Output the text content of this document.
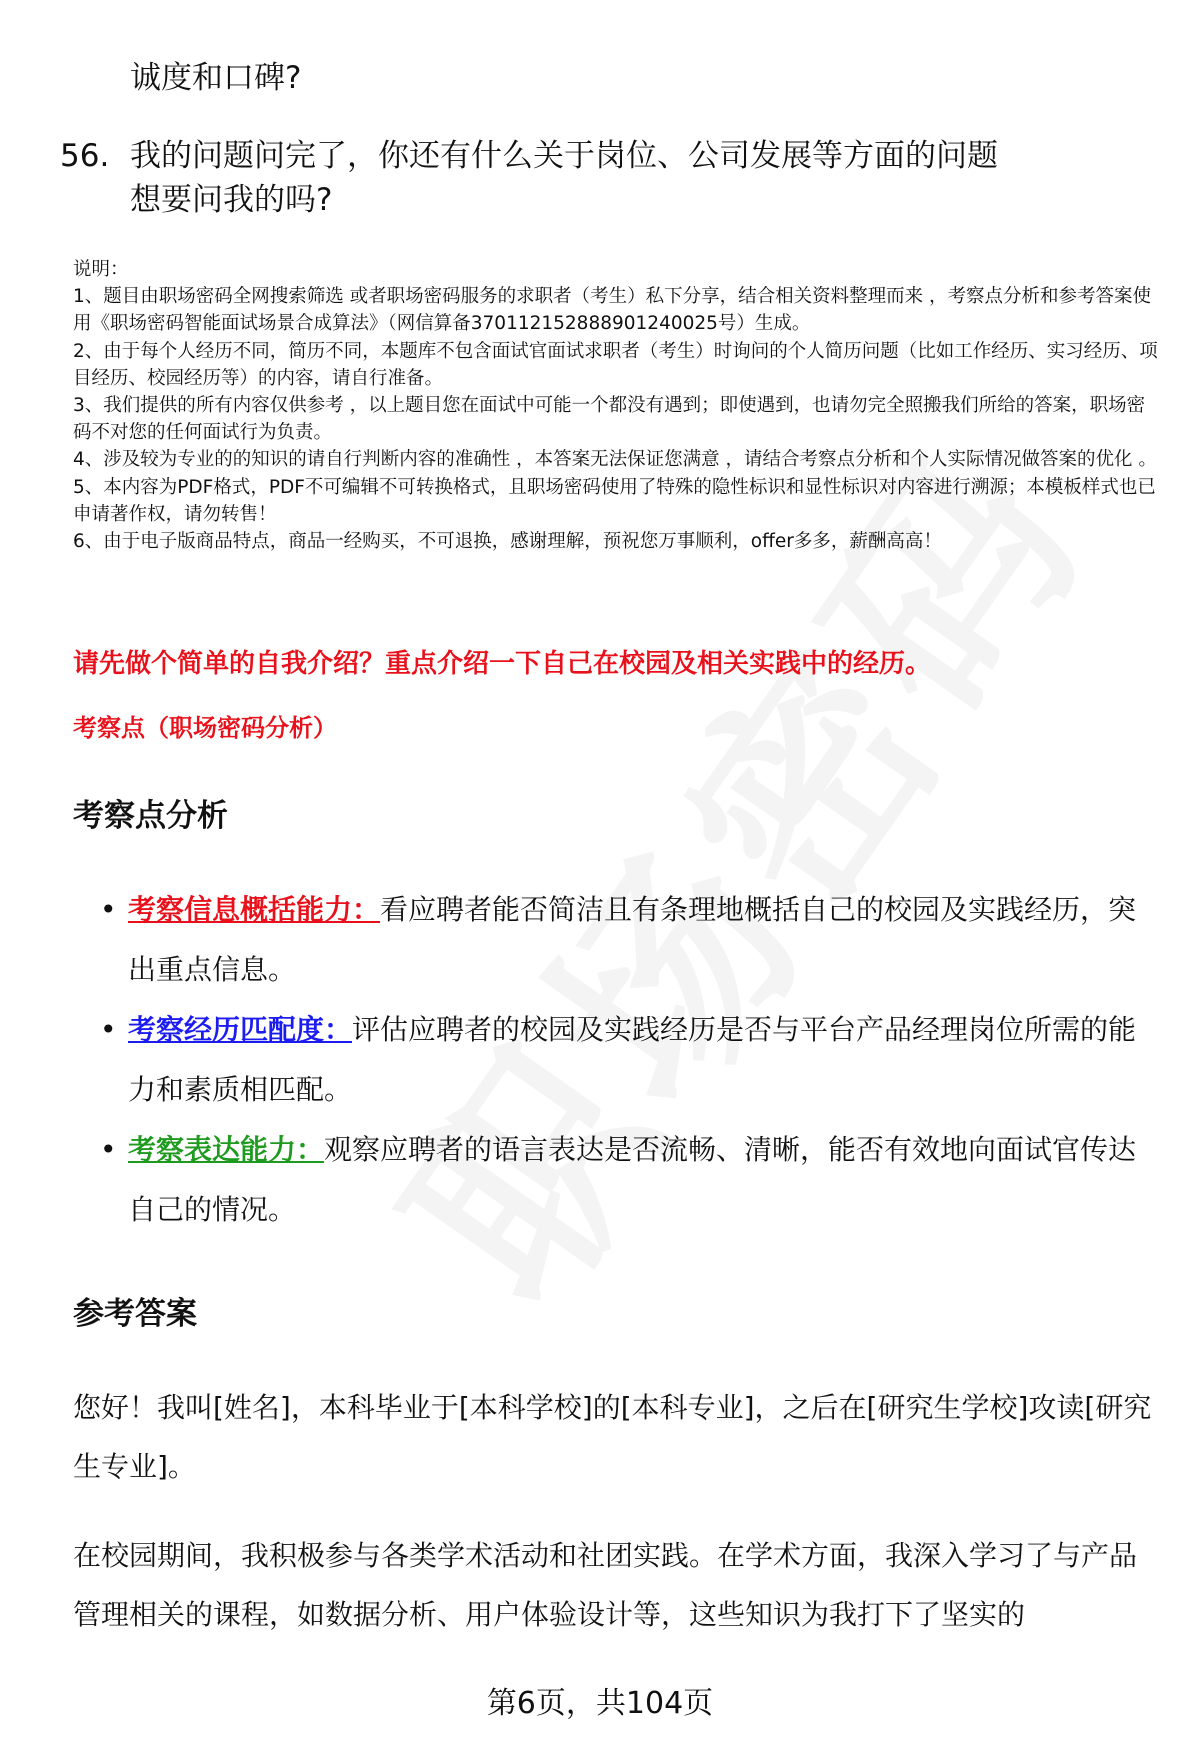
诚度和口碑?
56. 我的问题问完了，你还有什么关于岗位、公司发展等方面的问题
想要问我的吗?
说明：
1、题目由职场密码全网搜索筛选 或者职场密码服务的求职者（考生）私下分享，结合相关资料整理而来 ，考察点分析和参考答案使用《职场密码智能面试场景合成算法》（网信算备370112152888901240025号）生成。
2、由于每个人经历不同，简历不同，本题库不包含面试官面试求职者（考生）时询问的个人简历问题（比如工作经历、实习经历、项目经历、校园经历等）的内容，请自行准备。
3、我们提供的所有内容仅供参考 ，以上题目您在面试中可能一个都没有遇到；即使遇到，也请勿完全照搬我们所给的答案，职场密码不对您的任何面试行为负责。
4、涉及较为专业的的知识的请自行判断内容的准确性 ，本答案无法保证您满意 ，请结合考察点分析和个人实际情况做答案的优化 。
5、本内容为PDF格式，PDF不可编辑不可转换格式，且职场密码使用了特殊的隐性标识和显性标识对内容进行溯源；本模板样式也已申请著作权，请勿转售！
6、由于电子版商品特点，商品一经购买，不可退换，感谢理解，预祝您万事顺利，offer多多，薪酬高高！
请先做个简单的自我介绍？重点介绍一下自己在校园及相关实践中的经历。
考察点（职场密码分析）
考察点分析
• 考察信息概括能力：看应聘者能否简洁且有条理地概括自己的校园及实践经历，突出重点信息。
• 考察经历匹配度：评估应聘者的校园及实践经历是否与平台产品经理岗位所需的能力和素质相匹配。
• 考察表达能力：观察应聘者的语言表达是否流畅、清晰，能否有效地向面试官传达自己的情况。
参考答案
您好！我叫[姓名]，本科毕业于[本科学校]的[本科专业]，之后在[研究生学校]攻读[研究生专业]。
在校园期间，我积极参与各类学术活动和社团实践。在学术方面，我深入学习了与产品管理相关的课程，如数据分析、用户体验设计等，这些知识为我打下了坚实的
第6页，共104页
